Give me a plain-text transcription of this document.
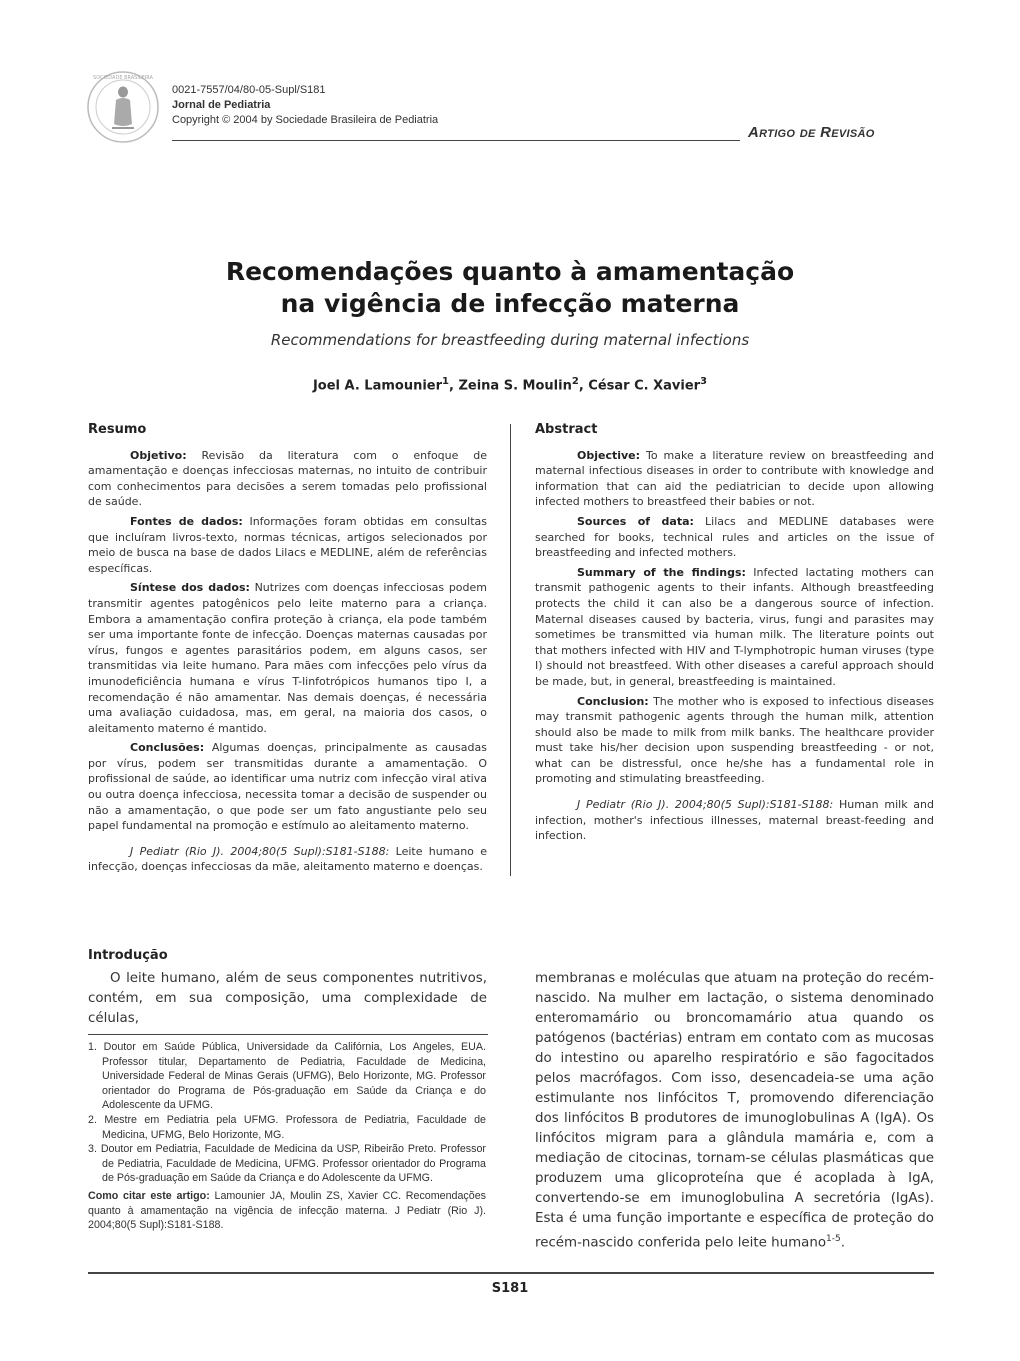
SOCIEDADE BRASILEIRA
0021-7557/04/80-05-Supl/S181
Jornal de Pediatria
Copyright © 2004 by Sociedade Brasileira de Pediatria
Artigo de Revisão
Recomendações quanto à amamentação
na vigência de infecção materna
Recommendations for breastfeeding during maternal infections
Joel A. Lamounier$^1$, Zeina S. Moulin$^2$, César C. Xavier$^3$
Resumo

Objetivo: Revisão da literatura com o enfoque de amamentação e doenças infecciosas maternas, no intuito de contribuir com conhecimentos para decisões a serem tomadas pelo profissional de saúde.

Fontes de dados: Informações foram obtidas em consultas que incluíram livros-texto, normas técnicas, artigos selecionados por meio de busca na base de dados Lilacs e MEDLINE, além de referências específicas.

Síntese dos dados: Nutrizes com doenças infecciosas podem transmitir agentes patogênicos pelo leite materno para a criança. Embora a amamentação confira proteção à criança, ela pode também ser uma importante fonte de infecção. Doenças maternas causadas por vírus, fungos e agentes parasitários podem, em alguns casos, ser transmitidas via leite humano. Para mães com infecções pelo vírus da imunodeficiência humana e vírus T-linfotrópicos humanos tipo I, a recomendação é não amamentar. Nas demais doenças, é necessária uma avaliação cuidadosa, mas, em geral, na maioria dos casos, o aleitamento materno é mantido.

Conclusões: Algumas doenças, principalmente as causadas por vírus, podem ser transmitidas durante a amamentação. O profissional de saúde, ao identificar uma nutriz com infecção viral ativa ou outra doença infecciosa, necessita tomar a decisão de suspender ou não a amamentação, o que pode ser um fato angustiante pelo seu papel fundamental na promoção e estímulo ao aleitamento materno.

J Pediatr (Rio J). 2004;80(5 Supl):S181-S188: Leite humano e infecção, doenças infecciosas da mãe, aleitamento materno e doenças.

Abstract

Objective: To make a literature review on breastfeeding and maternal infectious diseases in order to contribute with knowledge and information that can aid the pediatrician to decide upon allowing infected mothers to breastfeed their babies or not.

Sources of data: Lilacs and MEDLINE databases were searched for books, technical rules and articles on the issue of breastfeeding and infected mothers.

Summary of the findings: Infected lactating mothers can transmit pathogenic agents to their infants. Although breastfeeding protects the child it can also be a dangerous source of infection. Maternal diseases caused by bacteria, virus, fungi and parasites may sometimes be transmitted via human milk. The literature points out that mothers infected with HIV and T-lymphotropic human viruses (type I) should not breastfeed. With other diseases a careful approach should be made, but, in general, breastfeeding is maintained.

Conclusion: The mother who is exposed to infectious diseases may transmit pathogenic agents through the human milk, attention should also be made to milk from milk banks. The healthcare provider must take his/her decision upon suspending breastfeeding - or not, what can be distressful, once he/she has a fundamental role in promoting and stimulating breastfeeding.

J Pediatr (Rio J). 2004;80(5 Supl):S181-S188: Human milk and infection, mother's infectious illnesses, maternal breast-feeding and infection.

Introdução

O leite humano, além de seus componentes nutritivos, contém, em sua composição, uma complexidade de células,

membranas e moléculas que atuam na proteção do recém-nascido. Na mulher em lactação, o sistema denominado enteromamário ou broncomamário atua quando os patógenos (bactérias) entram em contato com as mucosas do intestino ou aparelho respiratório e são fagocitados pelos macrófagos. Com isso, desencadeia-se uma ação estimulante nos linfócitos T, promovendo diferenciação dos linfócitos B produtores de imunoglobulinas A (IgA). Os linfócitos migram para a glândula mamária e, com a mediação de citocinas, tornam-se células plasmáticas que produzem uma glicoproteína que é acoplada à IgA, convertendo-se em imunoglobulina A secretória (IgAs). Esta é uma função importante e específica de proteção do recém-nascido conferida pelo leite humano$^{1-5}$.

1. Doutor em Saúde Pública, Universidade da Califórnia, Los Angeles, EUA. Professor titular, Departamento de Pediatria, Faculdade de Medicina, Universidade Federal de Minas Gerais (UFMG), Belo Horizonte, MG. Professor orientador do Programa de Pós-graduação em Saúde da Criança e do Adolescente da UFMG.
2. Mestre em Pediatria pela UFMG. Professora de Pediatria, Faculdade de Medicina, UFMG, Belo Horizonte, MG.
3. Doutor em Pediatria, Faculdade de Medicina da USP, Ribeirão Preto. Professor de Pediatria, Faculdade de Medicina, UFMG. Professor orientador do Programa de Pós-graduação em Saúde da Criança e do Adolescente da UFMG.
Como citar este artigo: Lamounier JA, Moulin ZS, Xavier CC. Recomendações quanto à amamentação na vigência de infecção materna. J Pediatr (Rio J). 2004;80(5 Supl):S181-S188.
S181
